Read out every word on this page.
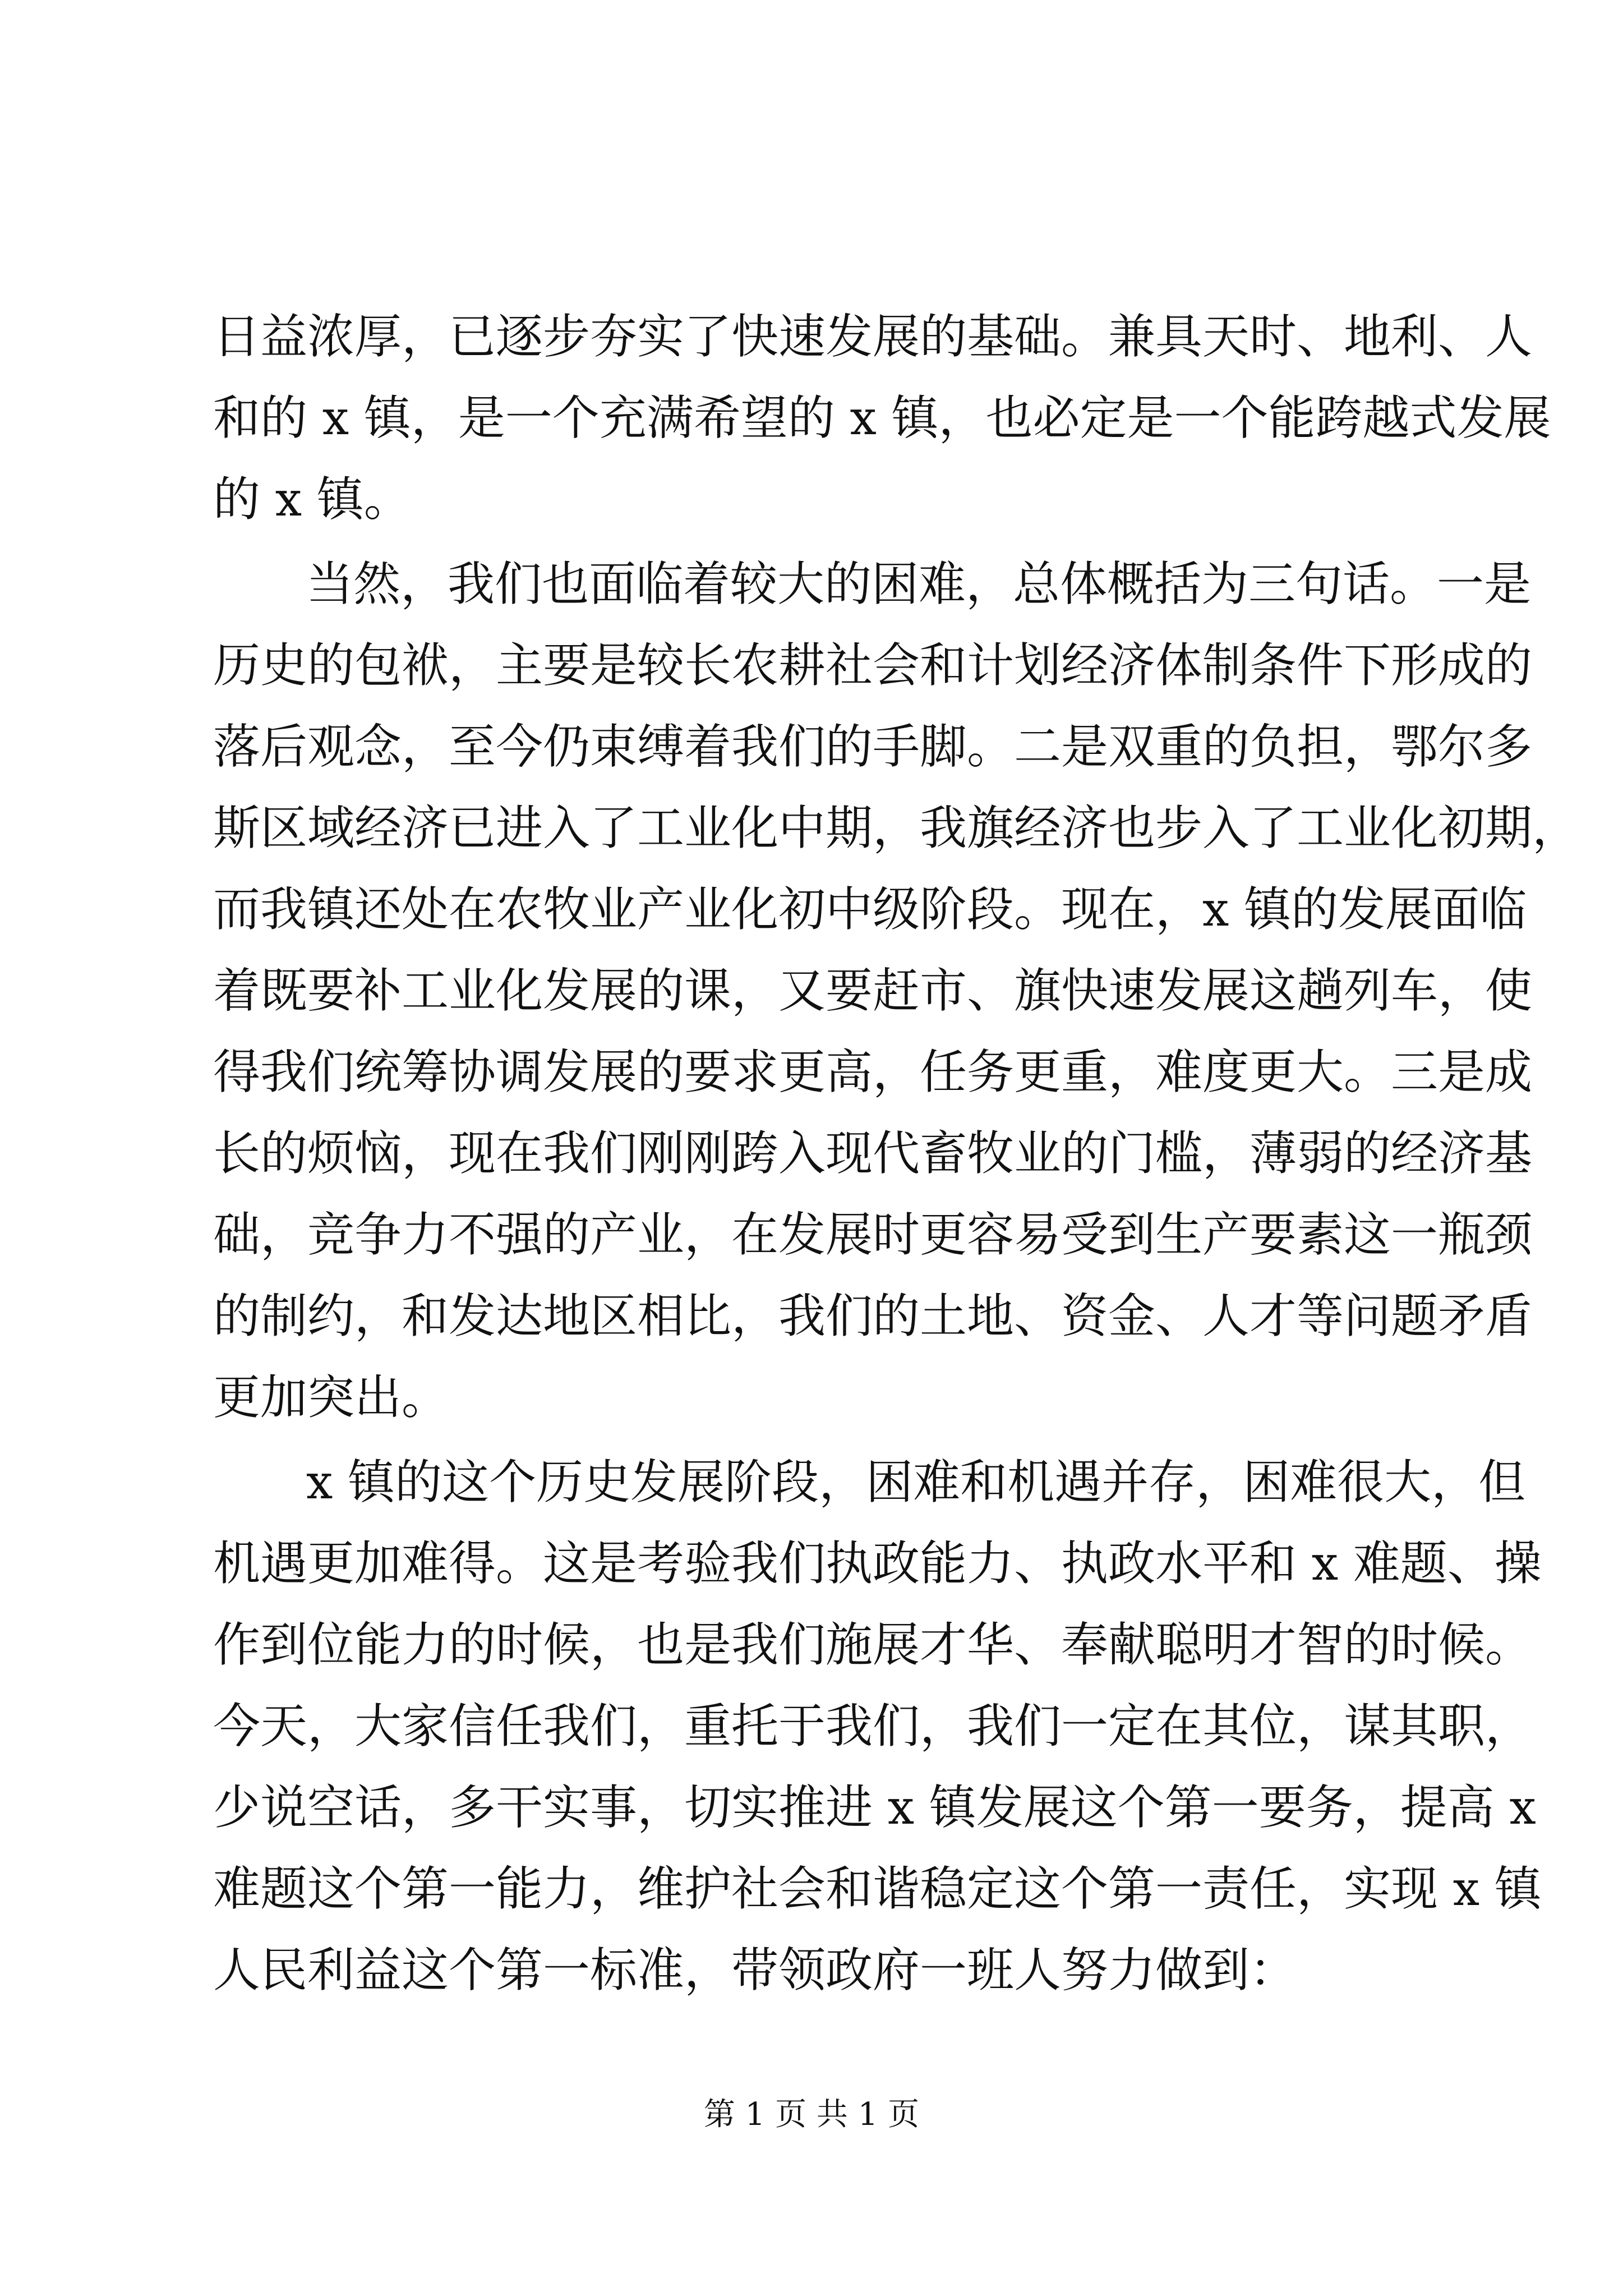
日益浓厚，已逐步夯实了快速发展的基础。兼具天时、地利、人
和的 x 镇，是一个充满希望的 x 镇，也必定是一个能跨越式发展
的 x 镇。
当然，我们也面临着较大的困难，总体概括为三句话。一是
历史的包袱，主要是较长农耕社会和计划经济体制条件下形成的
落后观念，至今仍束缚着我们的手脚。二是双重的负担，鄂尔多
斯区域经济已进入了工业化中期，我旗经济也步入了工业化初期，
而我镇还处在农牧业产业化初中级阶段。现在，x 镇的发展面临
着既要补工业化发展的课，又要赶市、旗快速发展这趟列车，使
得我们统筹协调发展的要求更高，任务更重，难度更大。三是成
长的烦恼，现在我们刚刚跨入现代畜牧业的门槛，薄弱的经济基
础，竞争力不强的产业，在发展时更容易受到生产要素这一瓶颈
的制约，和发达地区相比，我们的土地、资金、人才等问题矛盾
更加突出。
x 镇的这个历史发展阶段，困难和机遇并存，困难很大，但
机遇更加难得。这是考验我们执政能力、执政水平和 x 难题、操
作到位能力的时候，也是我们施展才华、奉献聪明才智的时候。
今天，大家信任我们，重托于我们，我们一定在其位，谋其职，
少说空话，多干实事，切实推进 x 镇发展这个第一要务，提高 x
难题这个第一能力，维护社会和谐稳定这个第一责任，实现 x 镇
人民利益这个第一标准，带领政府一班人努力做到：
第 1 页 共 1 页
